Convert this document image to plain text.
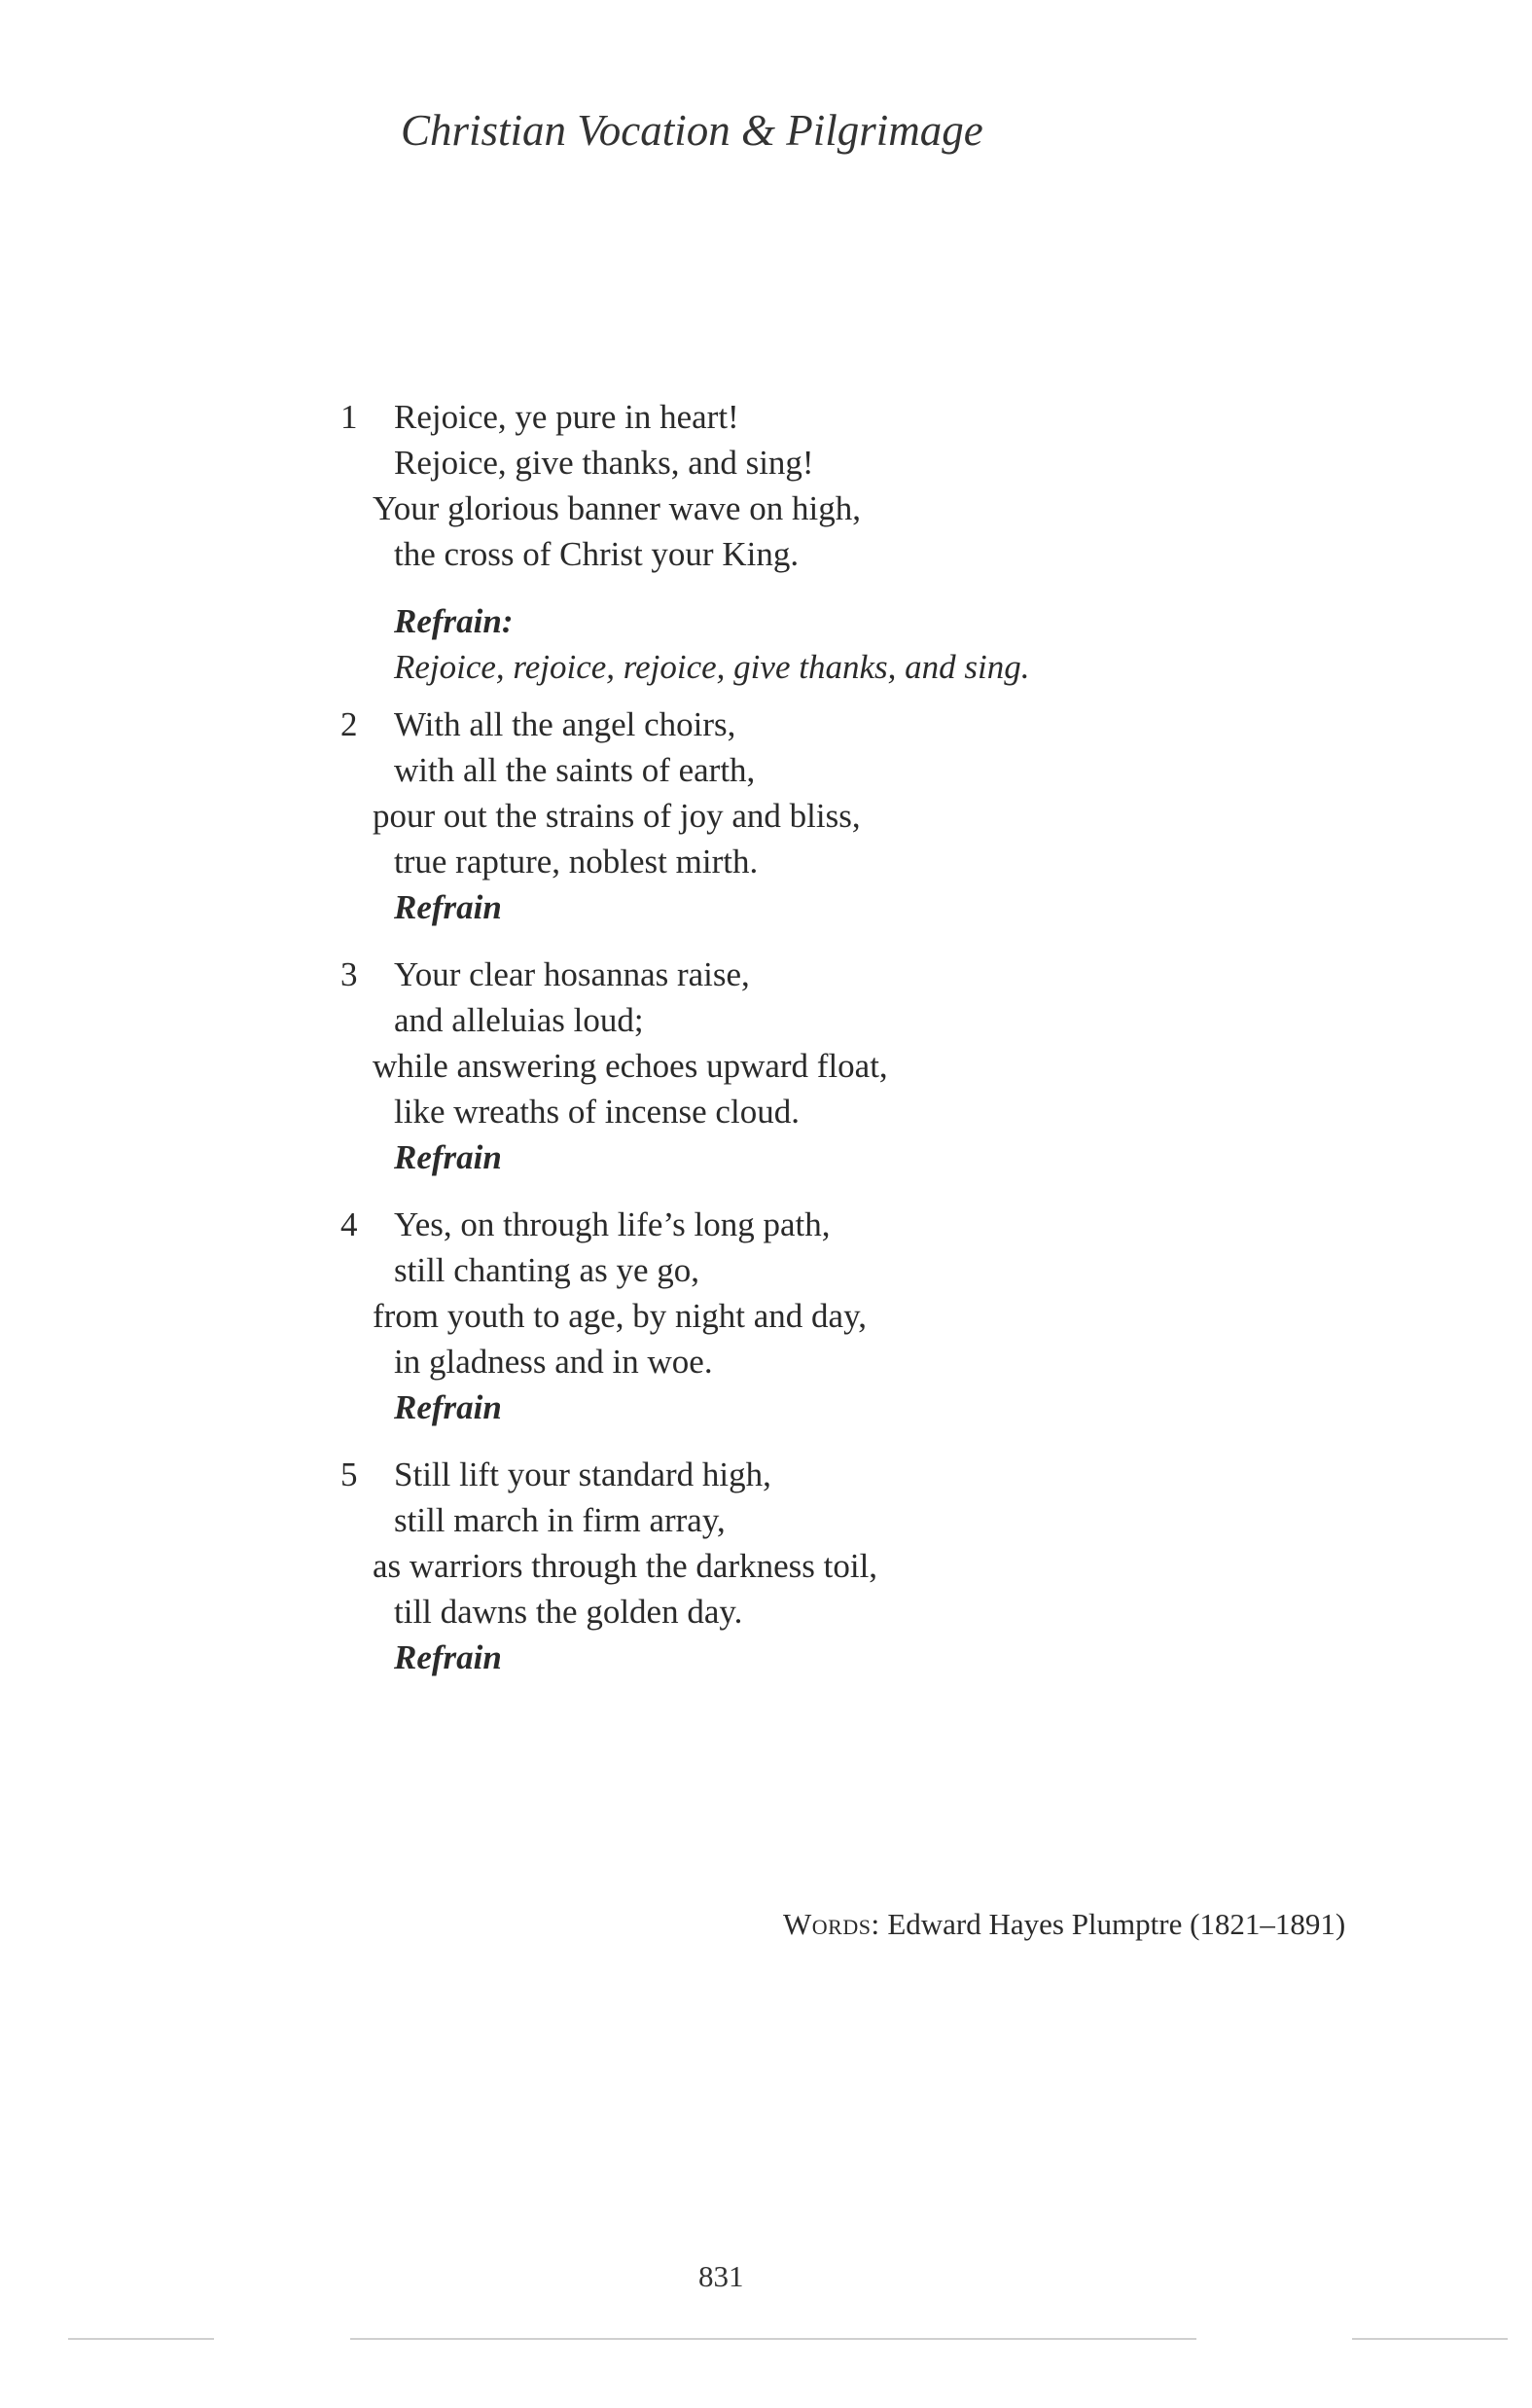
Christian Vocation & Pilgrimage
1	Rejoice, ye pure in heart!
Rejoice, give thanks, and sing!
Your glorious banner wave on high,
the cross of Christ your King.
Refrain:
Rejoice, rejoice, rejoice, give thanks, and sing.
2	With all the angel choirs,
with all the saints of earth,
pour out the strains of joy and bliss,
true rapture, noblest mirth.
Refrain
3	Your clear hosannas raise,
and alleluias loud;
while answering echoes upward float,
like wreaths of incense cloud.
Refrain
4	Yes, on through life’s long path,
still chanting as ye go,
from youth to age, by night and day,
in gladness and in woe.
Refrain
5	Still lift your standard high,
still march in firm array,
as warriors through the darkness toil,
till dawns the golden day.
Refrain
Words: Edward Hayes Plumptre (1821–1891)
831
